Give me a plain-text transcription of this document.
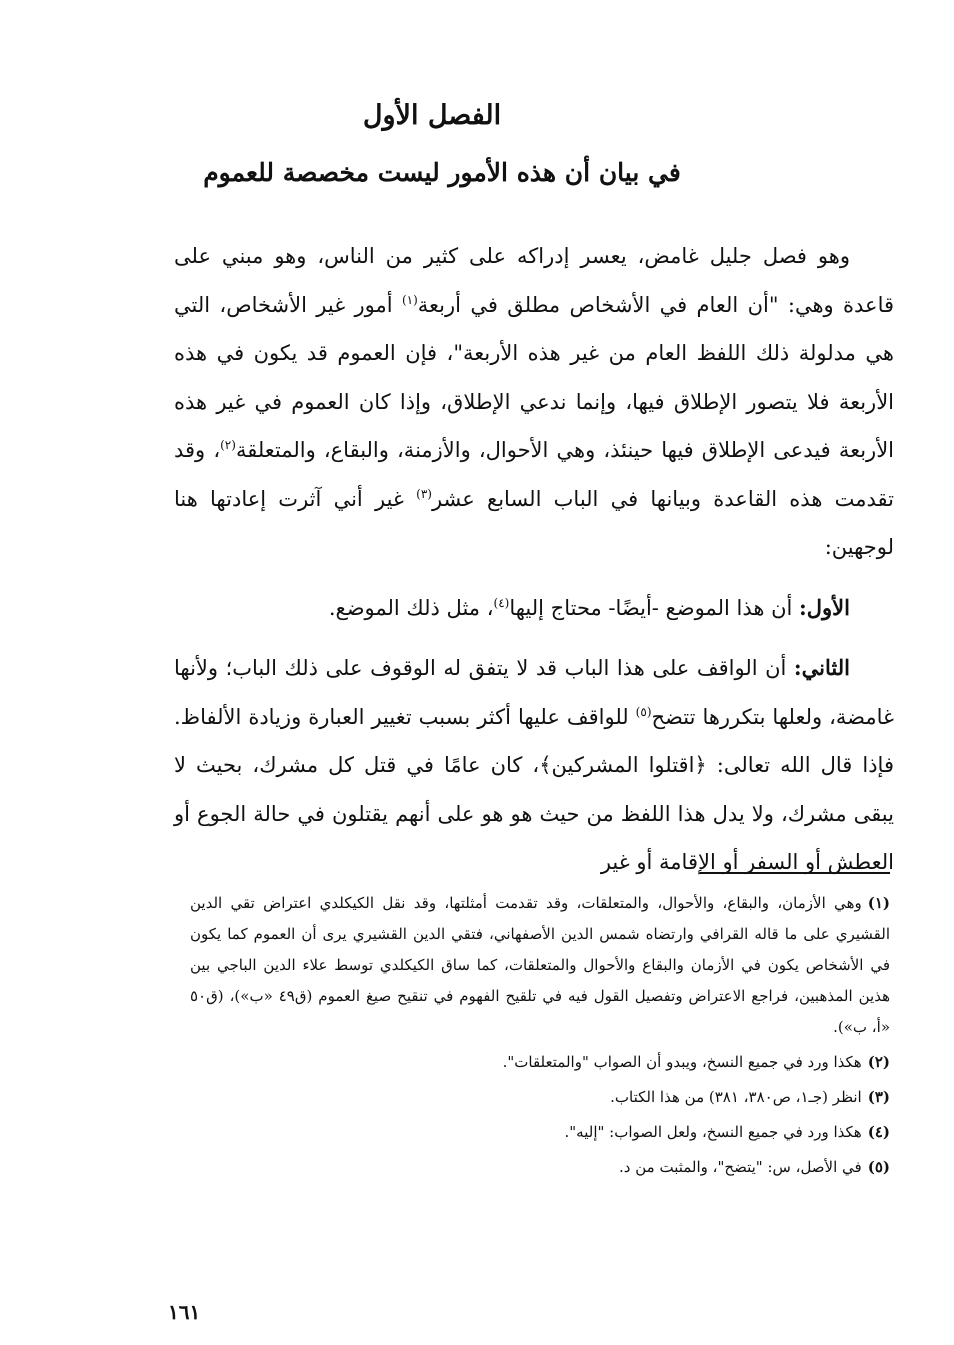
الفصل الأول
في بيان أن هذه الأمور ليست مخصصة للعموم

وهو فصل جليل غامض، يعسر إدراكه على كثير من الناس، وهو مبني على قاعدة وهي: "أن العام في الأشخاص مطلق في أربعة$^{(١)}$ أمور غير الأشخاص، التي هي مدلولة ذلك اللفظ العام من غير هذه الأربعة"، فإن العموم قد يكون في هذه الأربعة فلا يتصور الإطلاق فيها، وإنما ندعي الإطلاق، وإذا كان العموم في غير هذه الأربعة فيدعى الإطلاق فيها حينئذ، وهي الأحوال، والأزمنة، والبقاع، والمتعلقة$^{(٢)}$، وقد تقدمت هذه القاعدة وبيانها في الباب السابع عشر$^{(٣)}$ غير أني آثرت إعادتها هنا لوجهين:

الأول: أن هذا الموضع -أيضًا- محتاج إليها$^{(٤)}$، مثل ذلك الموضع.

الثاني: أن الواقف على هذا الباب قد لا يتفق له الوقوف على ذلك الباب؛ ولأنها غامضة، ولعلها بتكررها تتضح$^{(٥)}$ للواقف عليها أكثر بسبب تغيير العبارة وزيادة الألفاظ. فإذا قال الله تعالى: ﴿اقتلوا المشركين﴾، كان عامًا في قتل كل مشرك، بحيث لا يبقى مشرك، ولا يدل هذا اللفظ من حيث هو هو على أنهم يقتلون في حالة الجوع أو العطش أو السفر أو الإقامة أو غير

(١)وهي الأزمان، والبقاع، والأحوال، والمتعلقات، وقد تقدمت أمثلتها، وقد نقل الكيكلدي اعتراض تقي الدين القشيري على ما قاله القرافي وارتضاه شمس الدين الأصفهاني، فتقي الدين القشيري يرى أن العموم كما يكون في الأشخاص يكون في الأزمان والبقاع والأحوال والمتعلقات، كما ساق الكيكلدي توسط علاء الدين الباجي بين هذين المذهبين، فراجع الاعتراض وتفصيل القول فيه في تلقيح الفهوم في تنقيح صيغ العموم (ق٤٩ «ب»)، (ق٥٠ «أ، ب»).

(٢)هكذا ورد في جميع النسخ، ويبدو أن الصواب "والمتعلقات".

(٣)انظر (جـ١، ص٣٨٠، ٣٨١) من هذا الكتاب.

(٤)هكذا ورد في جميع النسخ، ولعل الصواب: "إليه".

(٥)في الأصل، س: "يتضح"، والمثبت من د.

١٦١
